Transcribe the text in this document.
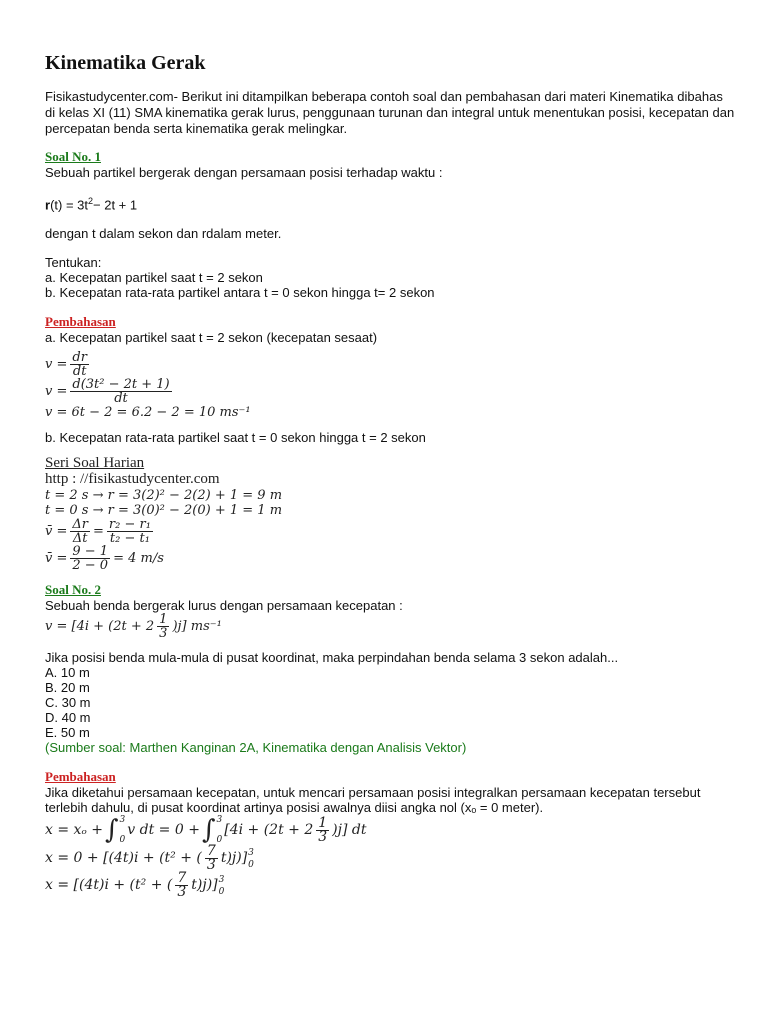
Kinematika Gerak
Fisikastudycenter.com- Berikut ini ditampilkan beberapa contoh soal dan pembahasan dari materi Kinematika dibahas di kelas XI (11) SMA kinematika gerak lurus, penggunaan turunan dan integral untuk menentukan posisi, kecepatan dan percepatan benda serta kinematika gerak melingkar.
Soal No. 1
Sebuah partikel bergerak dengan persamaan posisi terhadap waktu :
$r(t) = 3t^2- 2t + 1$
dengan t dalam sekon dan rdalam meter.
Tentukan:
a. Kecepatan partikel saat t = 2 sekon
b. Kecepatan rata-rata partikel antara t = 0 sekon hingga t= 2 sekon
Pembahasan
a. Kecepatan partikel saat t = 2 sekon (kecepatan sesaat)
$v = \frac{dr}{dt}$
$v = \frac{\text{d(3t² − 2t + 1)}}{dt}$
v = 6t − 2 = 6.2 − 2 = 10 ms⁻¹
b. Kecepatan rata-rata partikel saat t = 0 sekon hingga t = 2 sekon
Seri Soal Harian
http : //fisikastudycenter.com
t = 2 s → r = 3(2)² − 2(2) + 1 = 9 m
t = 0 s → r = 3(0)² − 2(0) + 1 = 1 m
v̄ = $\frac{\Delta r}{\Delta t} = \frac{\text{r₂ − r₁}}{\text{t₂ − t₁}}$
v̄ = $\frac{9 - 1}{2 - 0} = 4$ m/s
Soal No. 2
Sebuah benda bergerak lurus dengan persamaan kecepatan :
$v = [4i + (2t + 2 \frac{1}{3} )j]$ ms⁻¹
Jika posisi benda mula-mula di pusat koordinat, maka perpindahan benda selama 3 sekon adalah...
A. 10 m
B. 20 m
C. 30 m
D. 40 m
E. 50 m
(Sumber soal: Marthen Kanginan 2A, Kinematika dengan Analisis Vektor)
Pembahasan
Jika diketahui persamaan kecepatan, untuk mencari persamaan posisi integralkan persamaan kecepatan tersebut terlebih dahulu, di pusat koordinat artinya posisi awalnya diisi angka nol (xₒ = 0 meter).
x = xₒ + ∫ 3
0
v dt = 0 + ∫ 3
0
$[4i + (2t + 2 \frac{1}{3} )j]$ dt
x = 0 + [(4t)i + (t² + ( $\frac{7}{3} t)j$)] 3
0
x = [(4t)i + (t² + ( $\frac{7}{3} t)j$)] 3
0
